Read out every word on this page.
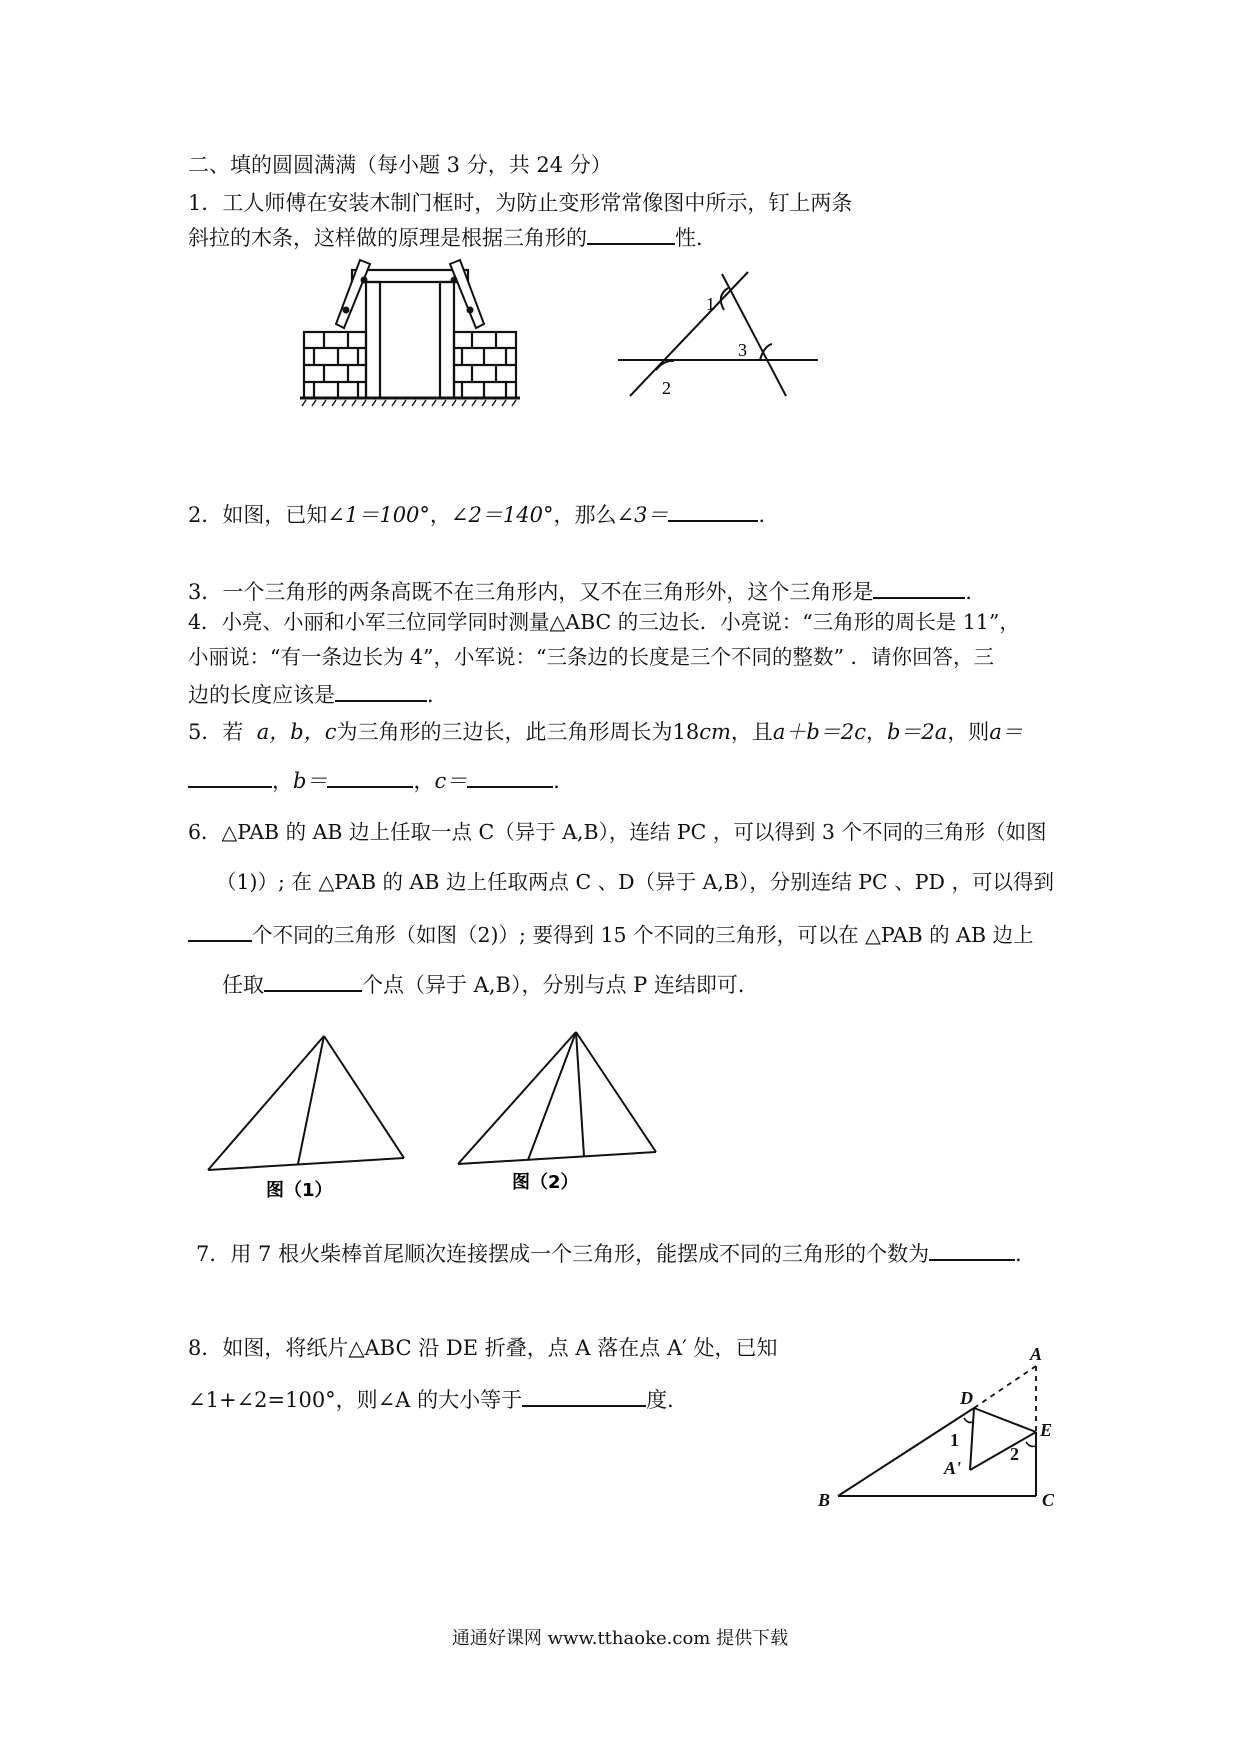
二、填的圆圆满满（每小题 3 分，共 24 分）
1．工人师傅在安装木制门框时，为防止变形常常像图中所示，钉上两条
斜拉的木条，这样做的原理是根据三角形的	性．
1
3
2
2．如图，已知∠1＝100°，∠2＝140°，那么∠3＝	．
3．一个三角形的两条高既不在三角形内，又不在三角形外，这个三角形是	．
4．小亮、小丽和小军三位同学同时测量△ABC 的三边长．小亮说：“三角形的周长是 11”，
小丽说：“有一条边长为 4”，小军说：“三条边的长度是三个不同的整数” ．请你回答，三
边的长度应该是	．
5．若 a，b，c为三角形的三边长，此三角形周长为18cm，且a＋b＝2c，b＝2a，则a＝
，b＝	，c＝	．
6．△PAB 的 AB 边上任取一点 C（异于 A,B），连结 PC ，可以得到 3 个不同的三角形（如图
（1)）; 在 △PAB 的 AB 边上任取两点 C 、D（异于 A,B），分别连结 PC 、PD ，可以得到
个不同的三角形（如图（2)）; 要得到 15 个不同的三角形，可以在 △PAB 的 AB 边上
任取	个点（异于 A,B），分别与点 P 连结即可．
图（1）	图（2）
7．用 7 根火柴棒首尾顺次连接摆成一个三角形，能摆成不同的三角形的个数为	．
8．如图，将纸片△ABC 沿 DE 折叠，点 A 落在点 A′ 处，已知
∠1+∠2=100°，则∠A 的大小等于	度．
A
D
E
A'
B	C
1
2
通通好课网 www.tthaoke.com 提供下载
